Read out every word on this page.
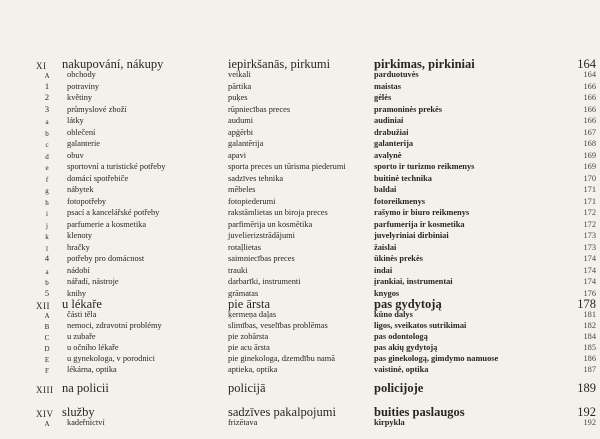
XI	nakupování, nákupy	iepirkšanās, pirkumi	pirkimas, pirkiniai	164
A	obchody	veikali	parduotuvės	164
1	potraviny	pārtika	maistas	166
2	květiny	puķes	gėlės	166
3	průmyslové zboží	rūpniecības preces	pramoninės prekės	166
a	látky	audumi	audiniai	166
b	oblečení	apģērbi	drabužiai	167
c	galanterie	galantērija	galanterija	168
d	obuv	apavi	avalynė	169
e	sportovní a turistické potřeby	sporta preces un tūrisma piederumi	sporto ir turizmo reikmenys	169
f	domácí spotřebiče	sadzīves tehnika	buitinė technika	170
g	nábytek	mēbeles	baldai	171
h	fotopotřeby	fotopiederumi	fotoreikmenys	171
i	psací a kancelářské potřeby	rakstāmlietas un biroja preces	rašymo ir biuro reikmenys	172
j	parfumerie a kosmetika	parfimērija un kosmētika	parfumerija ir kosmetika	172
k	klenoty	juvelierizstrādājumi	juvelyriniai dirbiniai	173
l	hračky	rotaļlietas	žaislai	173
4	potřeby pro domácnost	saimniecības preces	ūkinės prekės	174
a	nádobí	trauki	indai	174
b	nářadí, nástroje	darbarīki, instrumenti	įrankiai, instrumentai	174
5	knihy	grāmatas	knygos	176
XII u lékaře	pie ārsta	pas gydytoją	178
A	části těla	ķermeņa daļas	kūno dalys	181
B	nemoci, zdravotní problémy	slimības, veselības problēmas	ligos, sveikatos sutrikimai	182
C	u zubaře	pie zobārsta	pas odontologą	184
D	u očního lékaře	pie acu ārsta	pas akių gydytoją	185
E	u gynekologa, v porodnici	pie ginekologa, dzemdību namā	pas ginekologą, gimdymo namuose	186
F	lékárna, optika	aptieka, optika	vaistinė, optika	187
XIII na policii	policijā	policijoje	189
XIV služby	sadzīves pakalpojumi	buities paslaugos	192
A	kadeřnictví	frizētava	kirpykla	192
